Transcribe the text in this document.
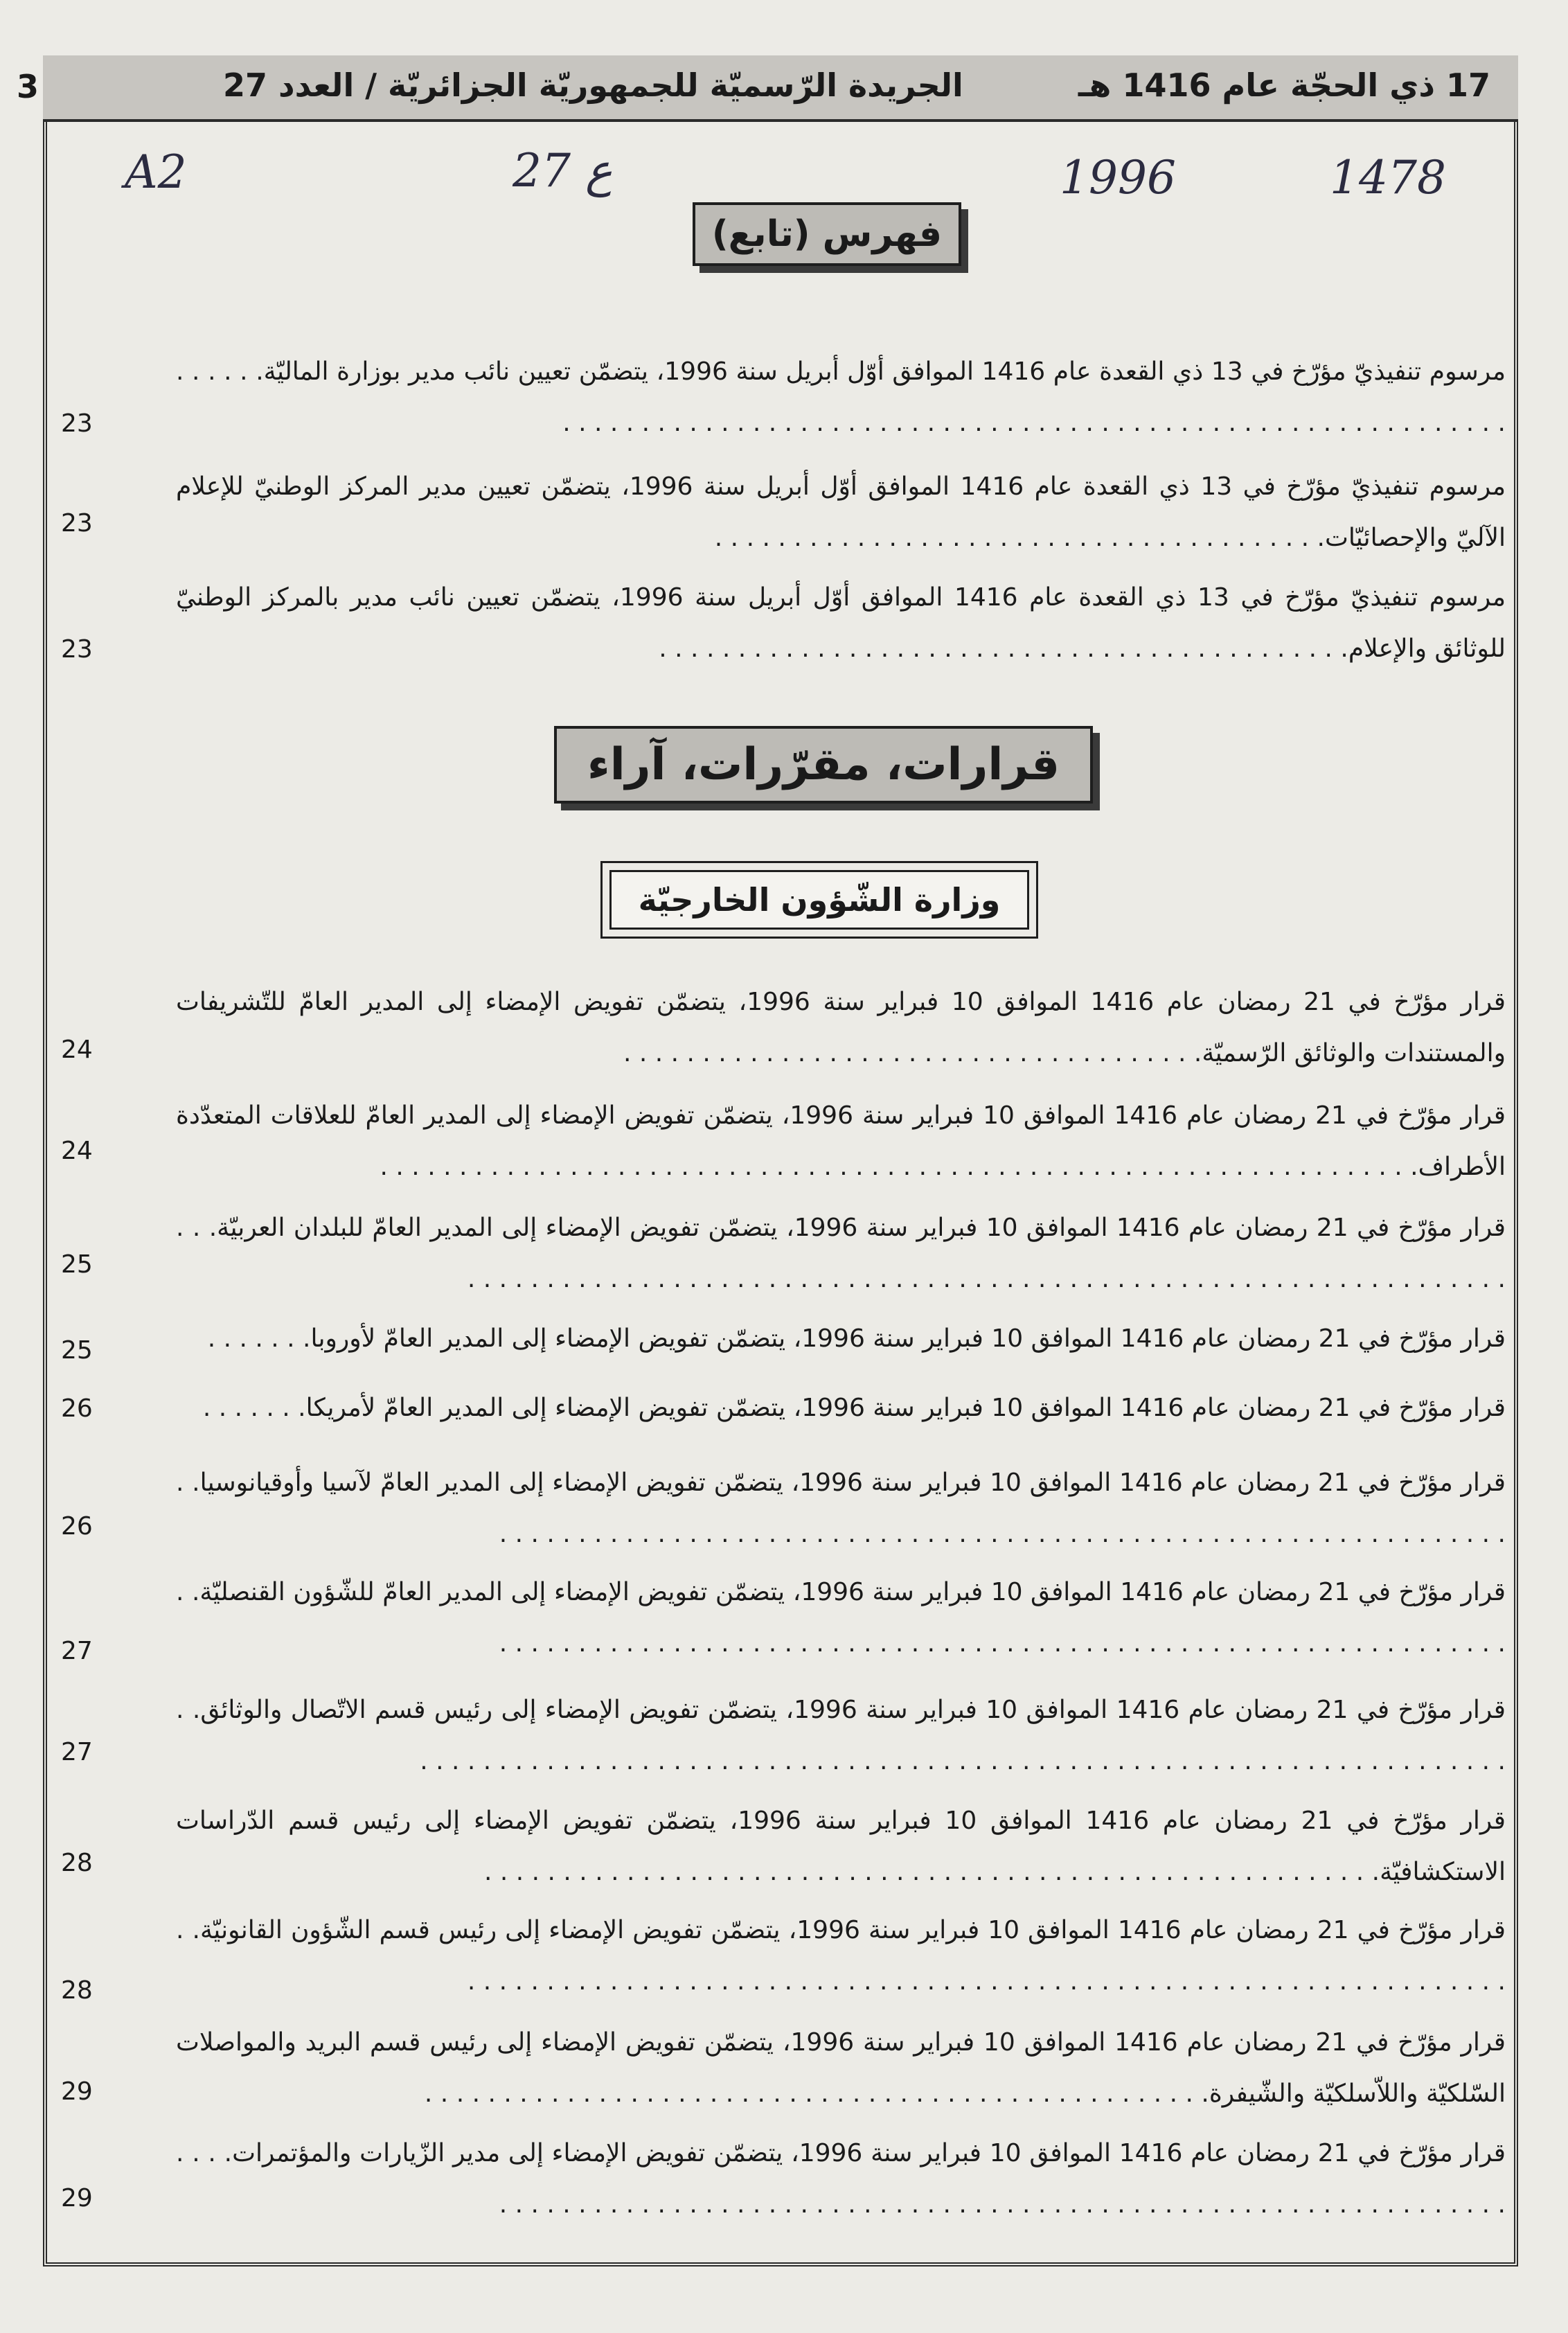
17 ذي الحجّة عام 1416 هـ
الجريدة الرّسميّة للجمهوريّة الجزائريّة / العدد 27
3
A2	ع 27	1996	1478
فهرس (تابع)
قرارات، مقرّرات، آراء
وزارة الشّؤون الخارجيّة
مرسوم تنفيذيّ مؤرّخ في 13 ذي القعدة عام 1416 الموافق أوّل أبريل سنة 1996، يتضمّن تعيين نائب مدير بوزارة الماليّة. . . . . . . . . . . . . . . . . . . . . . . . . . . . . . . . . . . . . . . . . . . . . . . . . . . . . . . . . . . . . . . . . .
23
مرسوم تنفيذيّ مؤرّخ في 13 ذي القعدة عام 1416 الموافق أوّل أبريل سنة 1996، يتضمّن تعيين مدير المركز الوطنيّ للإعلام الآليّ والإحصائيّات. . . . . . . . . . . . . . . . . . . . . . . . . . . . . . . . . . . . . . .
23
مرسوم تنفيذيّ مؤرّخ في 13 ذي القعدة عام 1416 الموافق أوّل أبريل سنة 1996، يتضمّن تعيين نائب مدير بالمركز الوطنيّ للوثائق والإعلام. . . . . . . . . . . . . . . . . . . . . . . . . . . . . . . . . . . . . . . . . . . .
23
قرار مؤرّخ في 21 رمضان عام 1416 الموافق 10 فبراير سنة 1996، يتضمّن تفويض الإمضاء إلى المدير العامّ للتّشريفات والمستندات والوثائق الرّسميّة. . . . . . . . . . . . . . . . . . . . . . . . . . . . . . . . . . . . .
24
قرار مؤرّخ في 21 رمضان عام 1416 الموافق 10 فبراير سنة 1996، يتضمّن تفويض الإمضاء إلى المدير العامّ للعلاقات المتعدّدة الأطراف. . . . . . . . . . . . . . . . . . . . . . . . . . . . . . . . . . . . . . . . . . . . . . . . . . . . . . . . . . . . . . . . . .
24
قرار مؤرّخ في 21 رمضان عام 1416 الموافق 10 فبراير سنة 1996، يتضمّن تفويض الإمضاء إلى المدير العامّ للبلدان العربيّة. . . . . . . . . . . . . . . . . . . . . . . . . . . . . . . . . . . . . . . . . . . . . . . . . . . . . . . . . . . . . . . . . . . . .
25
قرار مؤرّخ في 21 رمضان عام 1416 الموافق 10 فبراير سنة 1996، يتضمّن تفويض الإمضاء إلى المدير العامّ لأوروبا. . . . . . .
25
قرار مؤرّخ في 21 رمضان عام 1416 الموافق 10 فبراير سنة 1996، يتضمّن تفويض الإمضاء إلى المدير العامّ لأمريكا. . . . . . .
26
قرار مؤرّخ في 21 رمضان عام 1416 الموافق 10 فبراير سنة 1996، يتضمّن تفويض الإمضاء إلى المدير العامّ لآسيا وأوقيانوسيا. . . . . . . . . . . . . . . . . . . . . . . . . . . . . . . . . . . . . . . . . . . . . . . . . . . . . . . . . . . . . . . . . .
26
قرار مؤرّخ في 21 رمضان عام 1416 الموافق 10 فبراير سنة 1996، يتضمّن تفويض الإمضاء إلى المدير العامّ للشّؤون القنصليّة. . . . . . . . . . . . . . . . . . . . . . . . . . . . . . . . . . . . . . . . . . . . . . . . . . . . . . . . . . . . . . . . . .
27
قرار مؤرّخ في 21 رمضان عام 1416 الموافق 10 فبراير سنة 1996، يتضمّن تفويض الإمضاء إلى رئيس قسم الاتّصال والوثائق. . . . . . . . . . . . . . . . . . . . . . . . . . . . . . . . . . . . . . . . . . . . . . . . . . . . . . . . . . . . . . . . . . . . . . .
27
قرار مؤرّخ في 21 رمضان عام 1416 الموافق 10 فبراير سنة 1996، يتضمّن تفويض الإمضاء إلى رئيس قسم الدّراسات الاستكشافيّة. . . . . . . . . . . . . . . . . . . . . . . . . . . . . . . . . . . . . . . . . . . . . . . . . . . . . . . . .
28
قرار مؤرّخ في 21 رمضان عام 1416 الموافق 10 فبراير سنة 1996، يتضمّن تفويض الإمضاء إلى رئيس قسم الشّؤون القانونيّة. . . . . . . . . . . . . . . . . . . . . . . . . . . . . . . . . . . . . . . . . . . . . . . . . . . . . . . . . . . . . . . . . . . .
28
قرار مؤرّخ في 21 رمضان عام 1416 الموافق 10 فبراير سنة 1996، يتضمّن تفويض الإمضاء إلى رئيس قسم البريد والمواصلات السّلكيّة واللاّسلكيّة والشّيفرة. . . . . . . . . . . . . . . . . . . . . . . . . . . . . . . . . . . . . . . . . . . . . . . . . .
29
قرار مؤرّخ في 21 رمضان عام 1416 الموافق 10 فبراير سنة 1996، يتضمّن تفويض الإمضاء إلى مدير الزّيارات والمؤتمرات. . . . . . . . . . . . . . . . . . . . . . . . . . . . . . . . . . . . . . . . . . . . . . . . . . . . . . . . . . . . . . . . . . . .
29
